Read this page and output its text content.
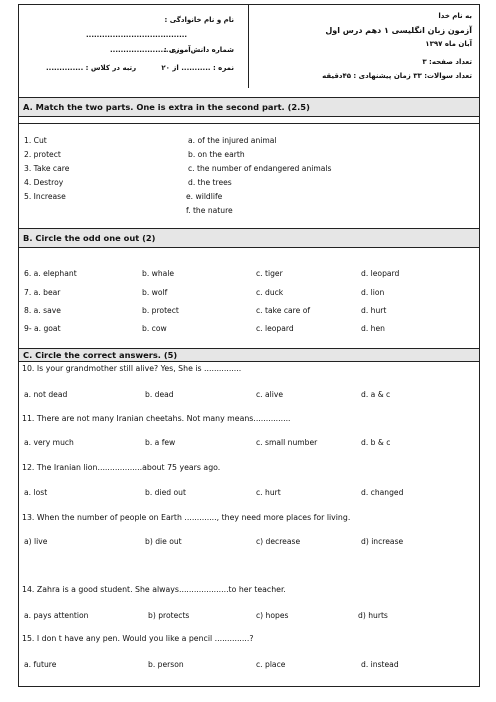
به نام خدا
آزمون زبان انگلیسی ۱ دهم درس اول
آبان ماه ۱۳۹۷
تعداد صفحه: ۳
تعداد سوالات: ۳۳ زمان پیشنهادی : ۴۵دقیقه
نام و نام خانوادگی :
......................................
شماره دانش‌آموزی :
...........................
نمره : ........... از ۲۰
رتبه در کلاس : ..............
A. Match the two parts. One is extra in the second part. (2.5)
1. Cut
2. protect
3. Take care
4. Destroy
5. Increase
a. of the injured animal
b. on the earth
c. the number of endangered animals
d. the trees
e. wildlife
f. the nature
B. Circle the odd one out (2)
6. a. elephant	b. whale	c. tiger	d. leopard
7. a. bear	b. wolf	c. duck	d. lion
8. a. save	b. protect	c. take care of	d. hurt
9- a. goat	b. cow	c. leopard	d. hen
C. Circle the correct answers. (5)
10. Is your grandmother still alive? Yes, She is ...............
a. not dead	b. dead	c. alive	d. a & c
11. There are not many Iranian cheetahs. Not many means...............
a. very much	b. a few	c. small number	d. b & c
12. The Iranian lion..................about 75 years ago.
a. lost	b. died out	c. hurt	d. changed
13. When the number of people on Earth ............., they need more places for living.
a) live	b) die out	c) decrease	d) increase
14. Zahra is a good student. She always....................to her teacher.
a. pays attention	b) protects	c) hopes	d) hurts
15. I don t have any pen. Would you like a pencil ..............?
a. future	b. person	c. place	d. instead
